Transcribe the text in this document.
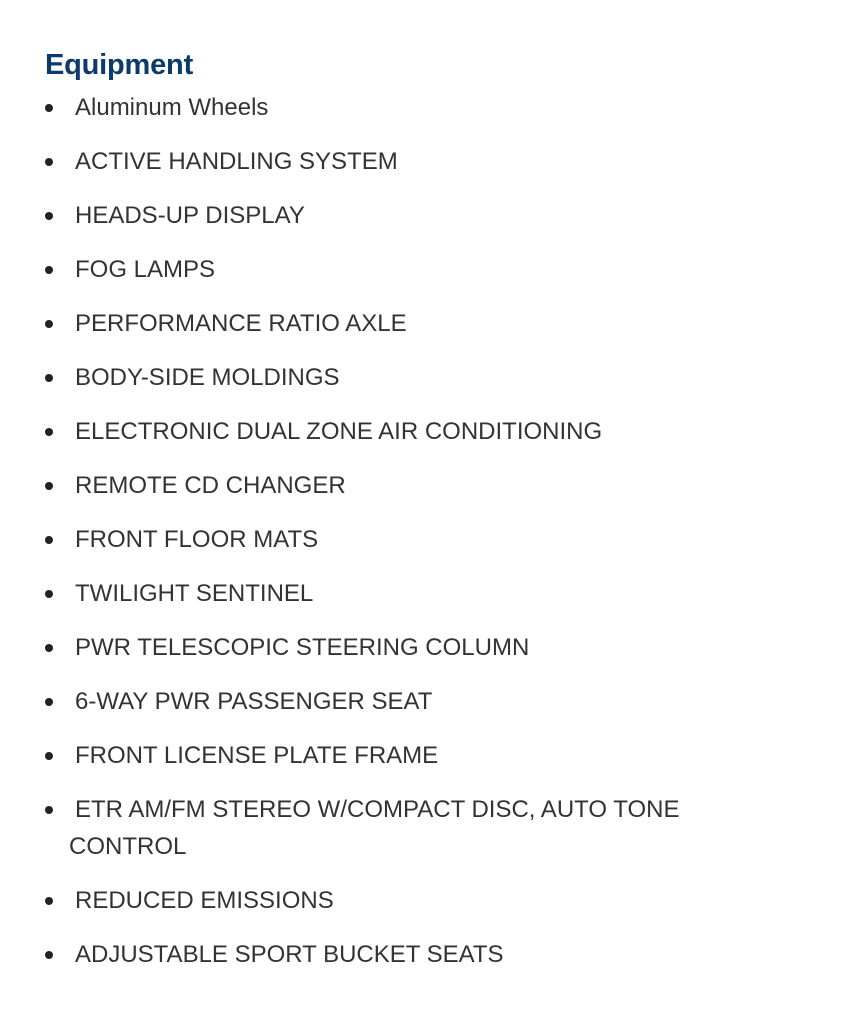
Equipment
Aluminum Wheels
ACTIVE HANDLING SYSTEM
HEADS-UP DISPLAY
FOG LAMPS
PERFORMANCE RATIO AXLE
BODY-SIDE MOLDINGS
ELECTRONIC DUAL ZONE AIR CONDITIONING
REMOTE CD CHANGER
FRONT FLOOR MATS
TWILIGHT SENTINEL
PWR TELESCOPIC STEERING COLUMN
6-WAY PWR PASSENGER SEAT
FRONT LICENSE PLATE FRAME
ETR AM/FM STEREO W/COMPACT DISC, AUTO TONE CONTROL
REDUCED EMISSIONS
ADJUSTABLE SPORT BUCKET SEATS
